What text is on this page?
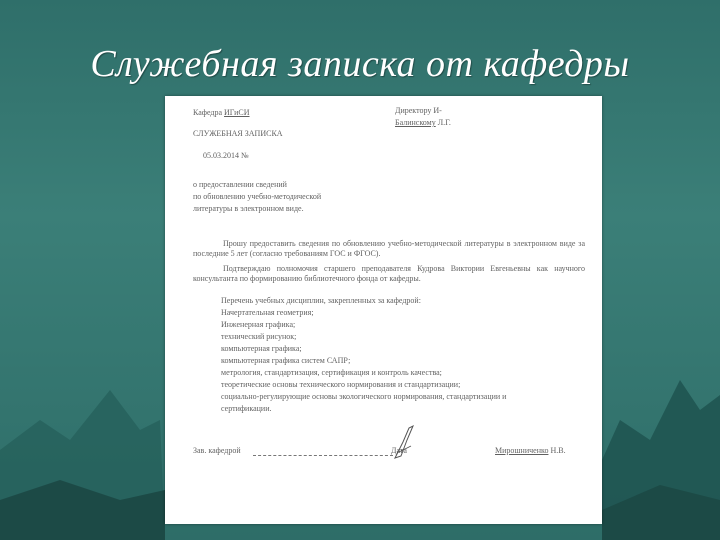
Служебная записка от кафедры
Кафедра ИГиСИ	Директору И-
Балинскому Л.Г.
СЛУЖЕБНАЯ ЗАПИСКА
05.03.2014 №
о предоставлении сведений
по обновлению учебно-методической
литературы в электронном виде.
Прошу предоставить сведения по обновлению учебно-методической литературы в электронном виде за последние 5 лет (согласно требованиям ГОС и ФГОС).
Подтверждаю полномочия старшего преподавателя Кудрова Виктории Евгеньевны как научного консультанта по формированию библиотечного фонда от кафедры.
Перечень учебных дисциплин, закрепленных за кафедрой:
Начертательная геометрия;
Инженерная графика;
технический рисунок;
компьютерная графика;
компьютерная графика систем САПР;
метрология, стандартизация, сертификация и контроль качества;
теоретические основы технического нормирования и стандартизации;
социально-регулирующие основы экологического нормирования, стандартизации и
сертификации.
Зав. кафедрой	Дата	Мирошниченко Н.В.
